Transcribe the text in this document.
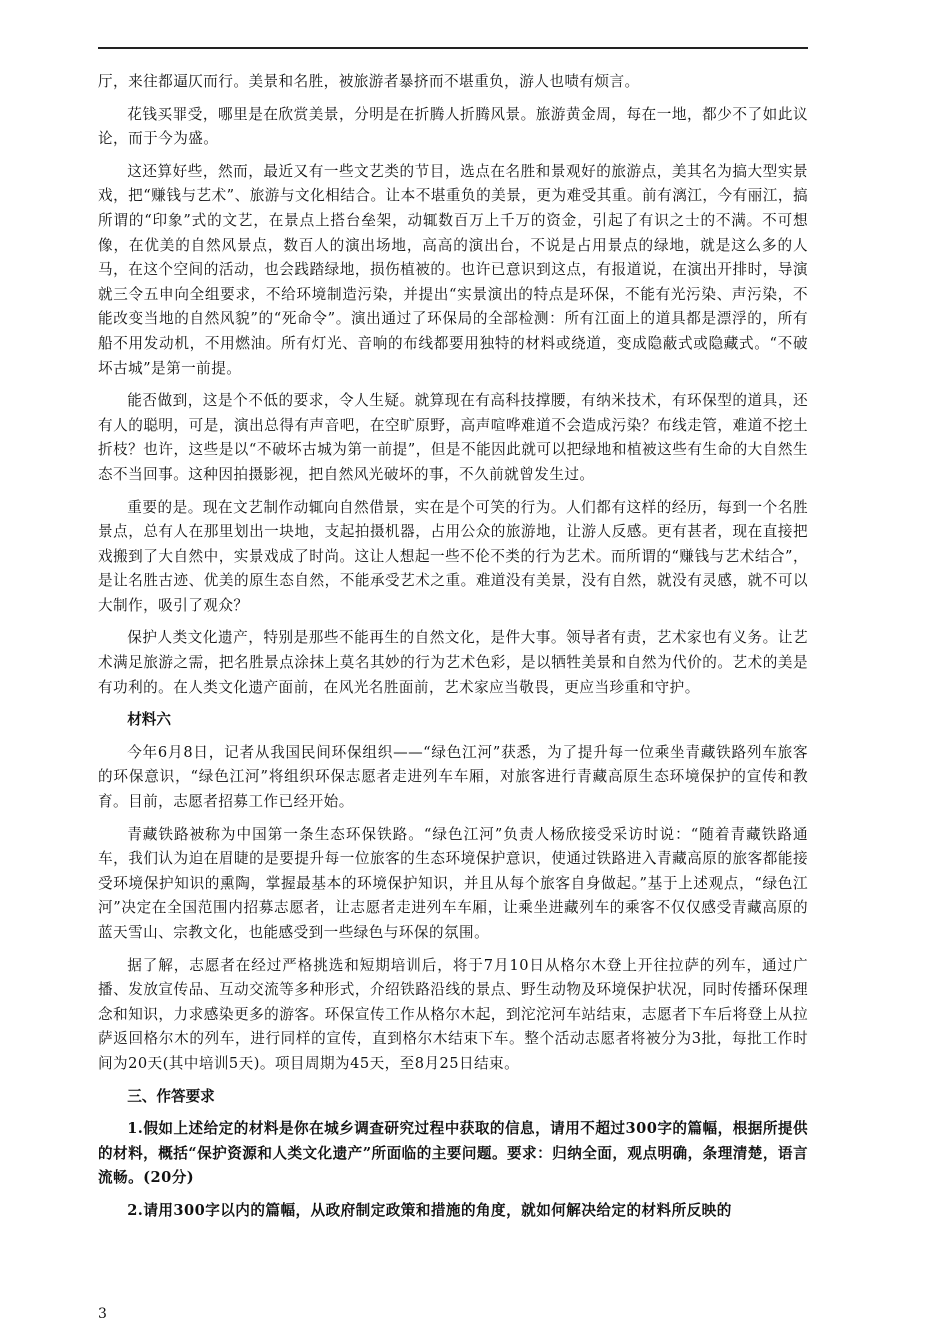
厅，来往都逼仄而行。美景和名胜，被旅游者暴挤而不堪重负，游人也啧有烦言。

花钱买罪受，哪里是在欣赏美景，分明是在折腾人折腾风景。旅游黄金周，每在一地，都少不了如此议论，而于今为盛。

这还算好些，然而，最近又有一些文艺类的节目，选点在名胜和景观好的旅游点，美其名为搞大型实景戏，把“赚钱与艺术”、旅游与文化相结合。让本不堪重负的美景，更为难受其重。前有漓江，今有丽江，搞所谓的“印象”式的文艺，在景点上搭台垒架，动辄数百万上千万的资金，引起了有识之士的不满。不可想像，在优美的自然风景点，数百人的演出场地，高高的演出台，不说是占用景点的绿地，就是这么多的人马，在这个空间的活动，也会践踏绿地，损伤植被的。也许已意识到这点，有报道说，在演出开排时，导演就三令五申向全组要求，不给环境制造污染，并提出“实景演出的特点是环保，不能有光污染、声污染，不能改变当地的自然风貌”的“死命令”。演出通过了环保局的全部检测：所有江面上的道具都是漂浮的，所有船不用发动机，不用燃油。所有灯光、音响的布线都要用独特的材料或绕道，变成隐蔽式或隐藏式。“不破坏古城”是第一前提。

能否做到，这是个不低的要求，令人生疑。就算现在有高科技撑腰，有纳米技术，有环保型的道具，还有人的聪明，可是，演出总得有声音吧，在空旷原野，高声喧哗难道不会造成污染？布线走管，难道不挖土折枝？也许，这些是以“不破坏古城为第一前提”，但是不能因此就可以把绿地和植被这些有生命的大自然生态不当回事。这种因拍摄影视，把自然风光破坏的事，不久前就曾发生过。

重要的是。现在文艺制作动辄向自然借景，实在是个可笑的行为。人们都有这样的经历，每到一个名胜景点，总有人在那里划出一块地，支起拍摄机器，占用公众的旅游地，让游人反感。更有甚者，现在直接把戏搬到了大自然中，实景戏成了时尚。这让人想起一些不伦不类的行为艺术。而所谓的“赚钱与艺术结合”，是让名胜古迹、优美的原生态自然，不能承受艺术之重。难道没有美景，没有自然，就没有灵感，就不可以大制作，吸引了观众？

保护人类文化遗产，特别是那些不能再生的自然文化，是件大事。领导者有责，艺术家也有义务。让艺术满足旅游之需，把名胜景点涂抹上莫名其妙的行为艺术色彩，是以牺牲美景和自然为代价的。艺术的美是有功利的。在人类文化遗产面前，在风光名胜面前，艺术家应当敬畏，更应当珍重和守护。

材料六

今年6月8日，记者从我国民间环保组织——“绿色江河”获悉，为了提升每一位乘坐青藏铁路列车旅客的环保意识，“绿色江河”将组织环保志愿者走进列车车厢，对旅客进行青藏高原生态环境保护的宣传和教育。目前，志愿者招募工作已经开始。

青藏铁路被称为中国第一条生态环保铁路。“绿色江河”负责人杨欣接受采访时说：“随着青藏铁路通车，我们认为迫在眉睫的是要提升每一位旅客的生态环境保护意识，使通过铁路进入青藏高原的旅客都能接受环境保护知识的熏陶，掌握最基本的环境保护知识，并且从每个旅客自身做起。”基于上述观点，“绿色江河”决定在全国范围内招募志愿者，让志愿者走进列车车厢，让乘坐进藏列车的乘客不仅仅感受青藏高原的蓝天雪山、宗教文化，也能感受到一些绿色与环保的氛围。

据了解，志愿者在经过严格挑选和短期培训后，将于7月10日从格尔木登上开往拉萨的列车，通过广播、发放宣传品、互动交流等多种形式，介绍铁路沿线的景点、野生动物及环境保护状况，同时传播环保理念和知识，力求感染更多的游客。环保宣传工作从格尔木起，到沱沱河车站结束，志愿者下车后将登上从拉萨返回格尔木的列车，进行同样的宣传，直到格尔木结束下车。整个活动志愿者将被分为3批，每批工作时间为20天(其中培训5天)。项目周期为45天，至8月25日结束。

三、作答要求

1.假如上述给定的材料是你在城乡调查研究过程中获取的信息，请用不超过300字的篇幅，根据所提供的材料，概括“保护资源和人类文化遗产”所面临的主要问题。要求：归纳全面，观点明确，条理清楚，语言流畅。(20分)

2.请用300字以内的篇幅，从政府制定政策和措施的角度，就如何解决给定的材料所反映的

3
